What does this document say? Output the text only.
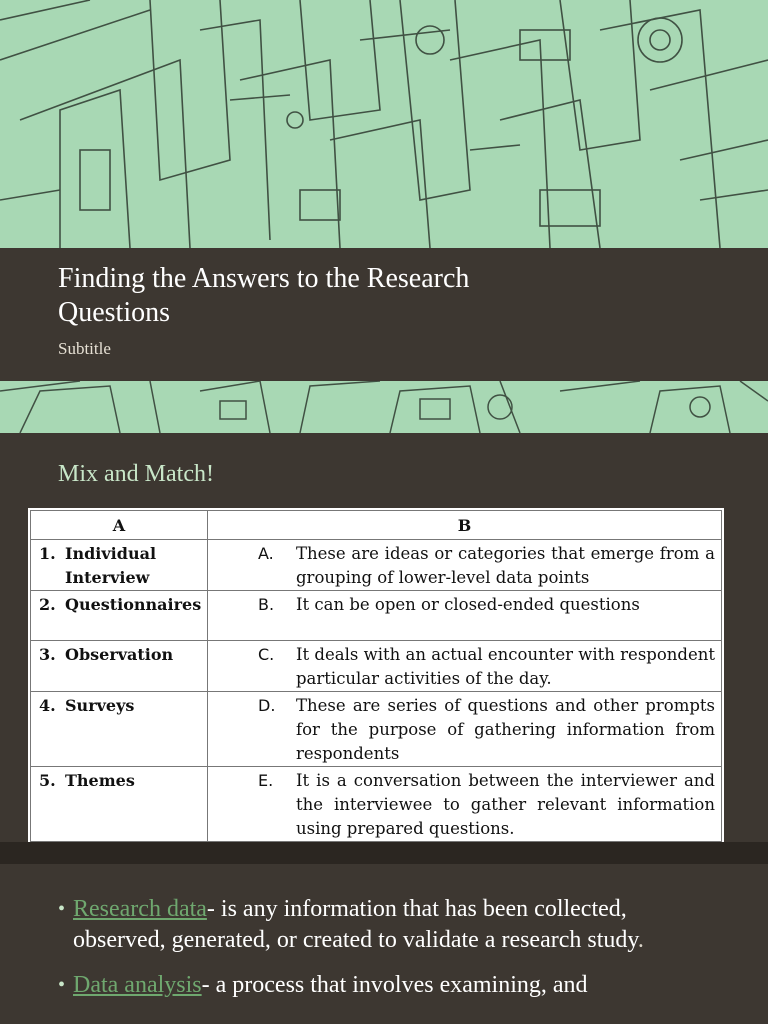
Finding the Answers to the Research Questions
Subtitle
Mix and Match!
A	B
1. Individual Interview	A. These are ideas or categories that emerge from a grouping of lower-level data points

2. Questionnaires	B. It can be open or closed-ended questions

3. Observation	C. It deals with an actual encounter with respondent particular activities of the day.

4. Surveys	D. These are series of questions and other prompts for the purpose of gathering information from respondents

5. Themes	E. It is a conversation between the interviewer and the interviewee to gather relevant information using prepared questions.
• Research data- is any information that has been collected, observed, generated, or created to validate a research study.
• Data analysis- a process that involves examining, and
